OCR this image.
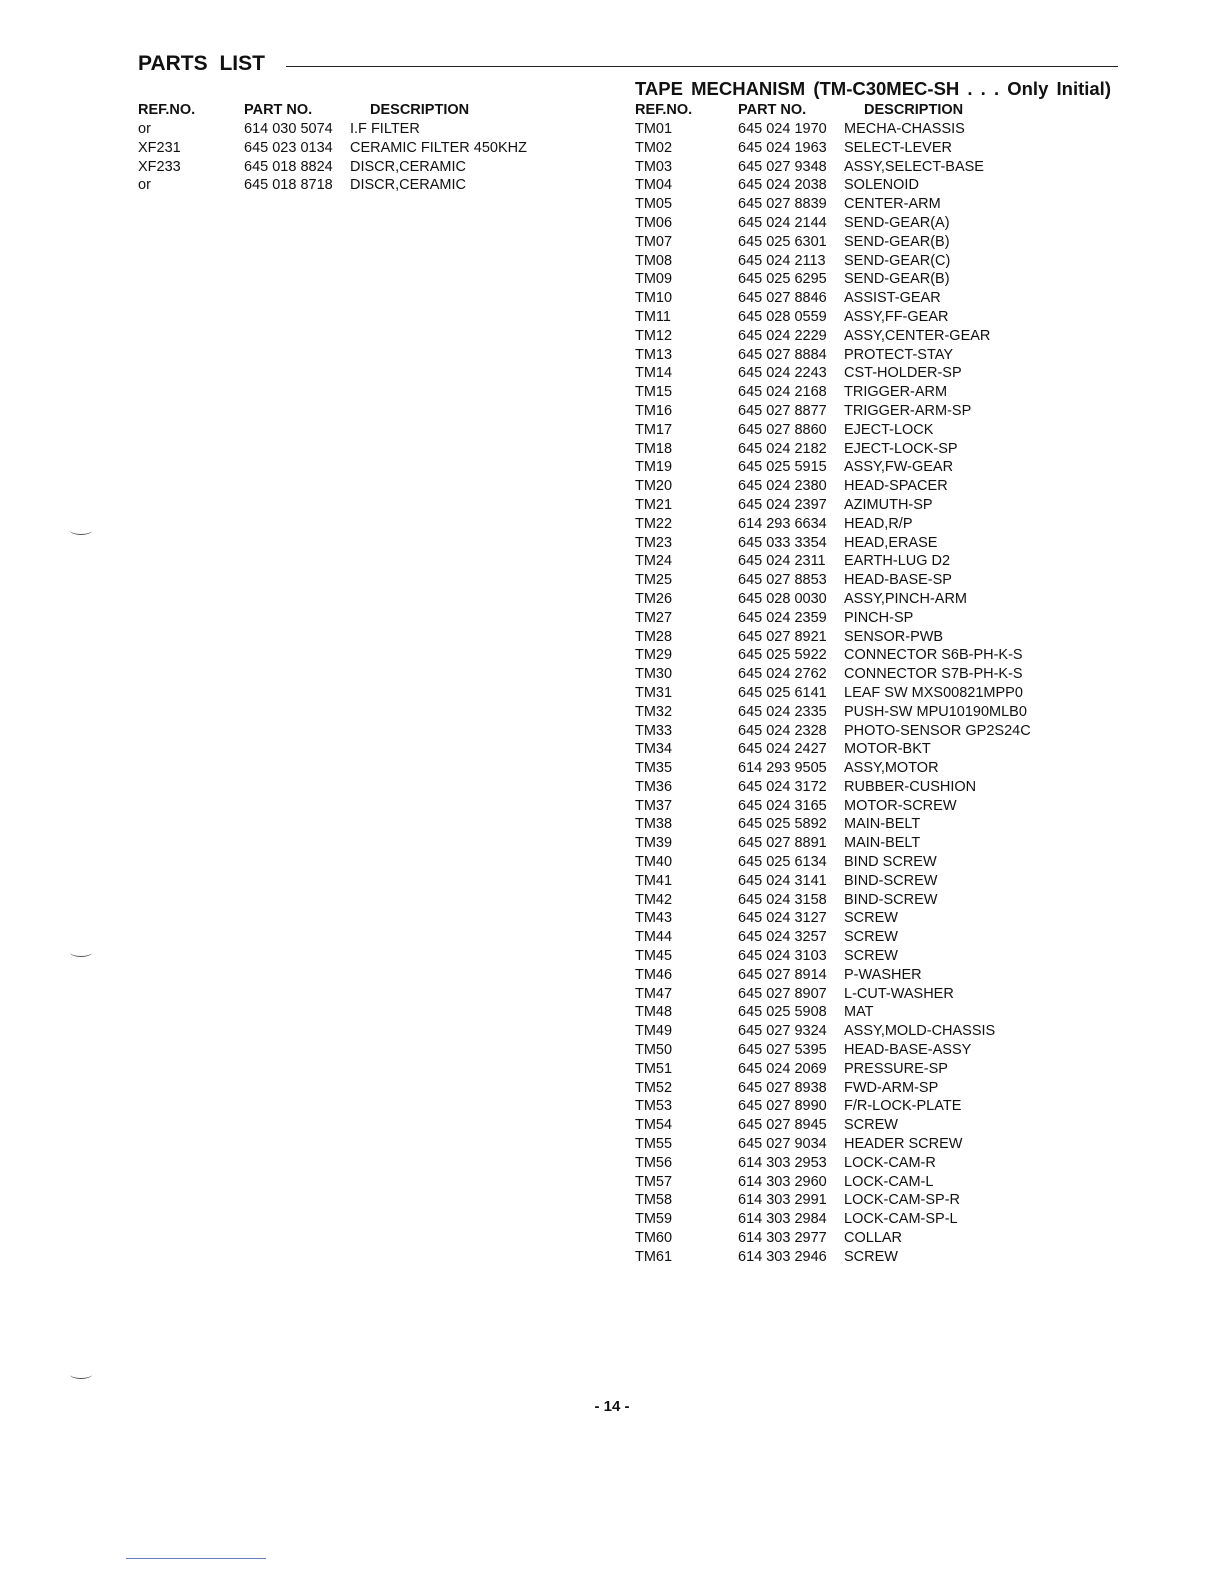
PARTS LIST
REF.NO.	PART NO.	DESCRIPTION
or	614 030 5074	I.F FILTER
XF231	645 023 0134	CERAMIC FILTER 450KHZ
XF233	645 018 8824	DISCR,CERAMIC
or	645 018 8718	DISCR,CERAMIC
TAPE MECHANISM (TM-C30MEC-SH . . . Only Initial)
REF.NO.	PART NO.	DESCRIPTION
TM01	645 024 1970	MECHA-CHASSIS
TM02	645 024 1963	SELECT-LEVER
TM03	645 027 9348	ASSY,SELECT-BASE
TM04	645 024 2038	SOLENOID
TM05	645 027 8839	CENTER-ARM
TM06	645 024 2144	SEND-GEAR(A)
TM07	645 025 6301	SEND-GEAR(B)
TM08	645 024 2113	SEND-GEAR(C)
TM09	645 025 6295	SEND-GEAR(B)
TM10	645 027 8846	ASSIST-GEAR
TM11	645 028 0559	ASSY,FF-GEAR
TM12	645 024 2229	ASSY,CENTER-GEAR
TM13	645 027 8884	PROTECT-STAY
TM14	645 024 2243	CST-HOLDER-SP
TM15	645 024 2168	TRIGGER-ARM
TM16	645 027 8877	TRIGGER-ARM-SP
TM17	645 027 8860	EJECT-LOCK
TM18	645 024 2182	EJECT-LOCK-SP
TM19	645 025 5915	ASSY,FW-GEAR
TM20	645 024 2380	HEAD-SPACER
TM21	645 024 2397	AZIMUTH-SP
TM22	614 293 6634	HEAD,R/P
TM23	645 033 3354	HEAD,ERASE
TM24	645 024 2311	EARTH-LUG D2
TM25	645 027 8853	HEAD-BASE-SP
TM26	645 028 0030	ASSY,PINCH-ARM
TM27	645 024 2359	PINCH-SP
TM28	645 027 8921	SENSOR-PWB
TM29	645 025 5922	CONNECTOR S6B-PH-K-S
TM30	645 024 2762	CONNECTOR S7B-PH-K-S
TM31	645 025 6141	LEAF SW MXS00821MPP0
TM32	645 024 2335	PUSH-SW MPU10190MLB0
TM33	645 024 2328	PHOTO-SENSOR GP2S24C
TM34	645 024 2427	MOTOR-BKT
TM35	614 293 9505	ASSY,MOTOR
TM36	645 024 3172	RUBBER-CUSHION
TM37	645 024 3165	MOTOR-SCREW
TM38	645 025 5892	MAIN-BELT
TM39	645 027 8891	MAIN-BELT
TM40	645 025 6134	BIND SCREW
TM41	645 024 3141	BIND-SCREW
TM42	645 024 3158	BIND-SCREW
TM43	645 024 3127	SCREW
TM44	645 024 3257	SCREW
TM45	645 024 3103	SCREW
TM46	645 027 8914	P-WASHER
TM47	645 027 8907	L-CUT-WASHER
TM48	645 025 5908	MAT
TM49	645 027 9324	ASSY,MOLD-CHASSIS
TM50	645 027 5395	HEAD-BASE-ASSY
TM51	645 024 2069	PRESSURE-SP
TM52	645 027 8938	FWD-ARM-SP
TM53	645 027 8990	F/R-LOCK-PLATE
TM54	645 027 8945	SCREW
TM55	645 027 9034	HEADER SCREW
TM56	614 303 2953	LOCK-CAM-R
TM57	614 303 2960	LOCK-CAM-L
TM58	614 303 2991	LOCK-CAM-SP-R
TM59	614 303 2984	LOCK-CAM-SP-L
TM60	614 303 2977	COLLAR
TM61	614 303 2946	SCREW
- 14 -
